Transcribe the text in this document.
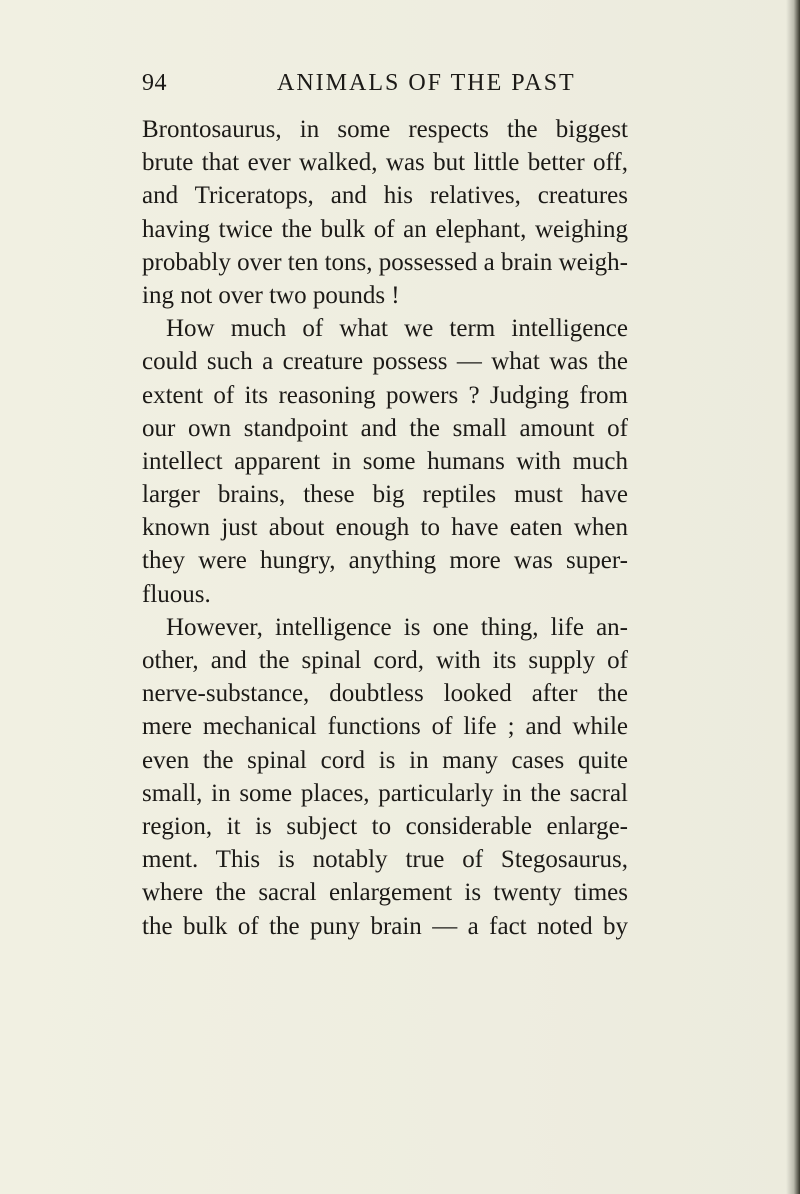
94	ANIMALS OF THE PAST
Brontosaurus, in some respects the biggest
brute that ever walked, was but little better off,
and Triceratops, and his relatives, creatures
having twice the bulk of an elephant, weighing
probably over ten tons, possessed a brain weigh-
ing not over two pounds !
How much of what we term intelligence
could such a creature possess — what was the
extent of its reasoning powers ? Judging from
our own standpoint and the small amount of
intellect apparent in some humans with much
larger brains, these big reptiles must have
known just about enough to have eaten when
they were hungry, anything more was super-
fluous.
However, intelligence is one thing, life an-
other, and the spinal cord, with its supply of
nerve-substance, doubtless looked after the
mere mechanical functions of life ; and while
even the spinal cord is in many cases quite
small, in some places, particularly in the sacral
region, it is subject to considerable enlarge-
ment. This is notably true of Stegosaurus,
where the sacral enlargement is twenty times
the bulk of the puny brain — a fact noted by
